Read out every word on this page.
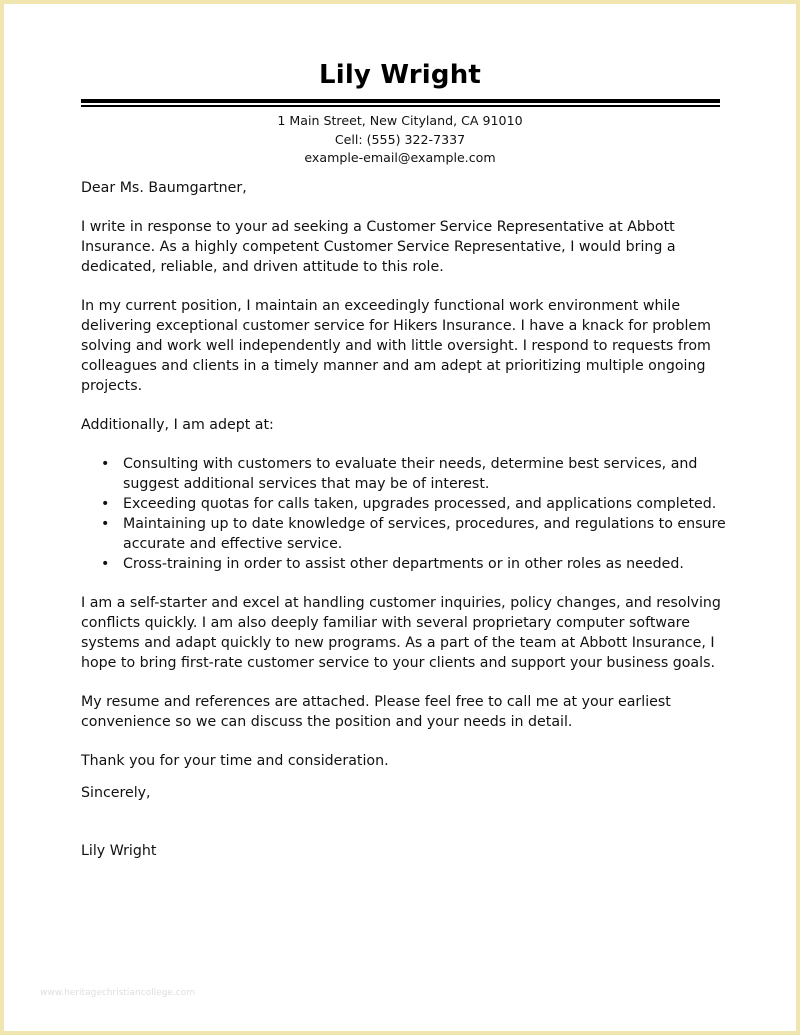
Lily Wright
1 Main Street, New Cityland, CA 91010
Cell: (555) 322-7337
example-email@example.com

Dear Ms. Baumgartner,

I write in response to your ad seeking a Customer Service Representative at Abbott Insurance. As a highly competent Customer Service Representative, I would bring a dedicated, reliable, and driven attitude to this role.

In my current position, I maintain an exceedingly functional work environment while delivering exceptional customer service for Hikers Insurance. I have a knack for problem solving and work well independently and with little oversight. I respond to requests from colleagues and clients in a timely manner and am adept at prioritizing multiple ongoing projects.

Additionally, I am adept at:

• Consulting with customers to evaluate their needs, determine best services, and suggest additional services that may be of interest.
• Exceeding quotas for calls taken, upgrades processed, and applications completed.
• Maintaining up to date knowledge of services, procedures, and regulations to ensure accurate and effective service.
• Cross-training in order to assist other departments or in other roles as needed.

I am a self-starter and excel at handling customer inquiries, policy changes, and resolving conflicts quickly. I am also deeply familiar with several proprietary computer software systems and adapt quickly to new programs. As a part of the team at Abbott Insurance, I hope to bring first-rate customer service to your clients and support your business goals.

My resume and references are attached. Please feel free to call me at your earliest convenience so we can discuss the position and your needs in detail.

Thank you for your time and consideration.

Sincerely,

Lily Wright

www.heritagechristiancollege.com
